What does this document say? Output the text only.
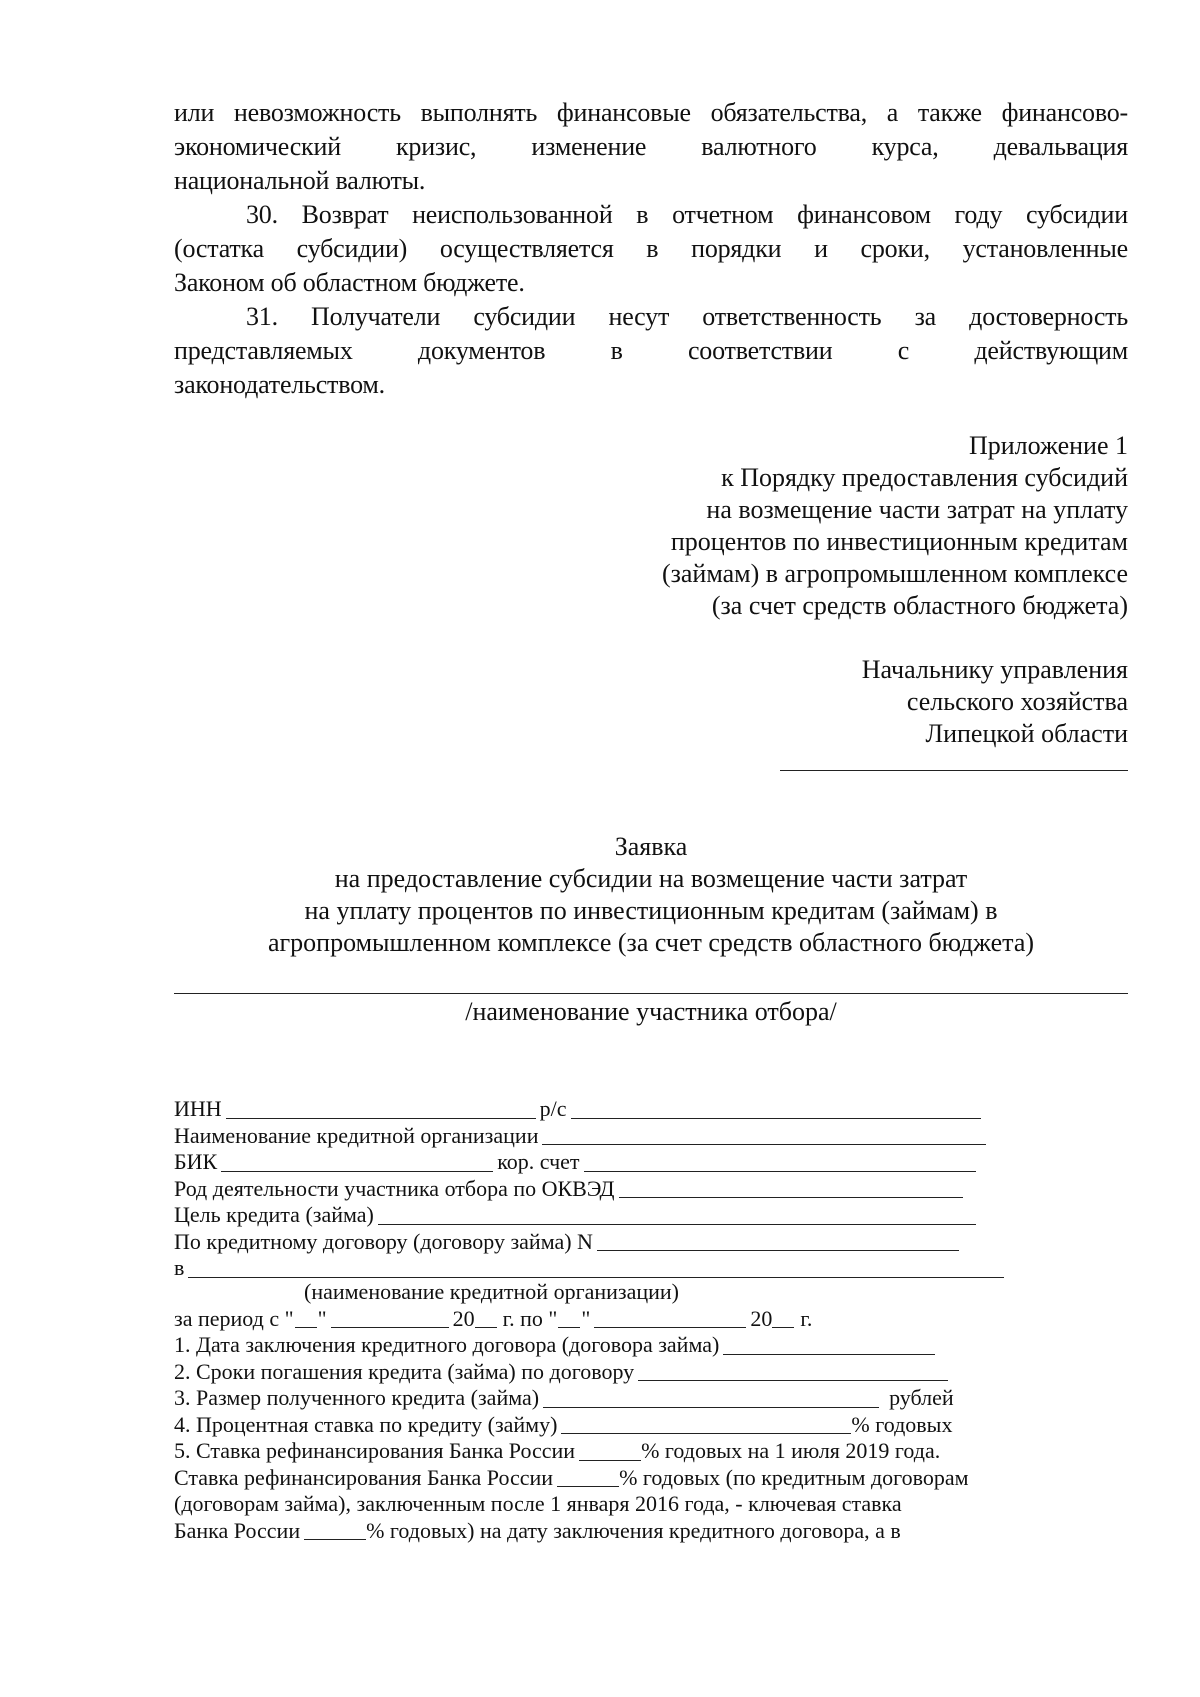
или невозможность выполнять финансовые обязательства, а также финансово-

экономический кризис, изменение валютного курса, девальвация

национальной валюты.

30. Возврат неиспользованной в отчетном финансовом году субсидии

(остатка субсидии) осуществляется в порядки и сроки, установленные

Законом об областном бюджете.

31. Получатели субсидии несут ответственность за достоверность

представляемых документов в соответствии с действующим

законодательством.

Приложение 1
к Порядку предоставления субсидий
на возмещение части затрат на уплату
процентов по инвестиционным кредитам
(займам) в агропромышленном комплексе
(за счет средств областного бюджета)
Начальнику управления
сельского хозяйства
Липецкой области
Заявка
на предоставление субсидии на возмещение части затрат
на уплату процентов по инвестиционным кредитам (займам) в
агропромышленном комплексе (за счет средств областного бюджета)
/наименование участника отбора/
ИНН	р/с
Наименование кредитной организации
БИК	кор. счет
Род деятельности участника отбора по ОКВЭД
Цель кредита (займа)
По кредитному договору (договору займа) N
в
(наименование кредитной организации)
за период с " "	20 г. по " "	20 г.
1. Дата заключения кредитного договора (договора займа)
2. Сроки погашения кредита (займа) по договору
3. Размер полученного кредита (займа)	рублей
4. Процентная ставка по кредиту (займу)	% годовых
5. Ставка рефинансирования Банка России	% годовых на 1 июля 2019 года.
Ставка рефинансирования Банка России	% годовых (по кредитным договорам
(договорам займа), заключенным после 1 января 2016 года, - ключевая ставка
Банка России	% годовых) на дату заключения кредитного договора, а в
